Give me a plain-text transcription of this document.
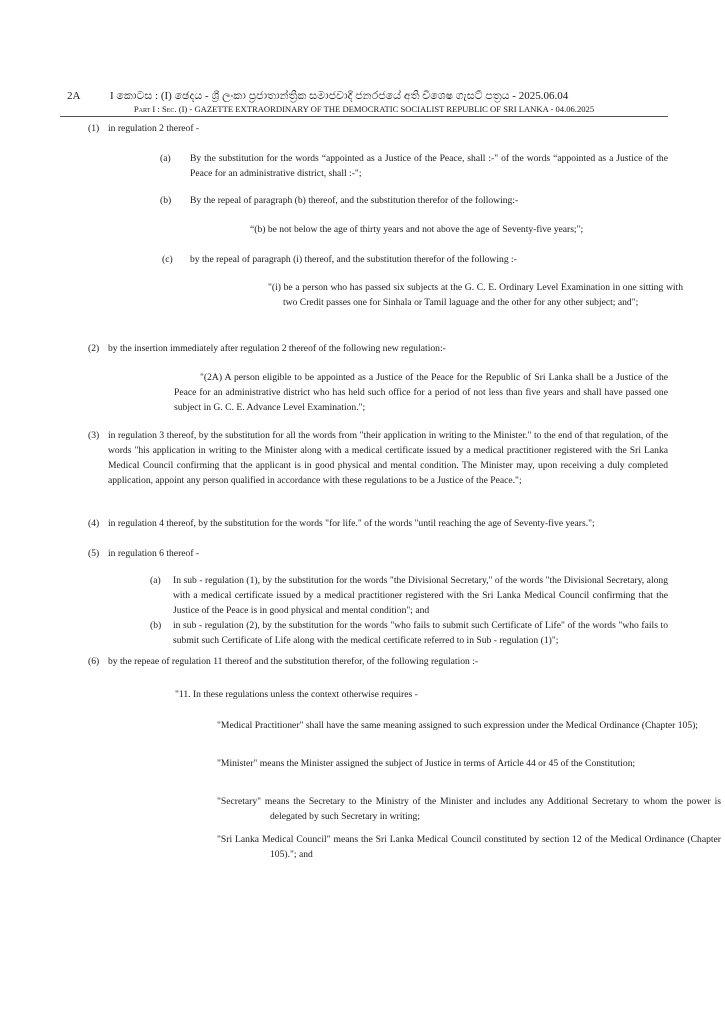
2A	I කොටස : (I) ඡෙදය - ශ්‍රී ලංකා ප්‍රජාතාන්ත්‍රික සමාජවාදී ජනරජයේ අති විශෙෂ ගැසට් පත්‍රය - 2025.06.04
Part I : Sec. (I) - GAZETTE EXTRAORDINARY OF THE DEMOCRATIC SOCIALIST REPUBLIC OF SRI LANKA - 04.06.2025
(1) in regulation 2 thereof -
(a) By the substitution for the words “appointed as a Justice of the Peace, shall :-" of the words “appointed as a Justice of the Peace for an administrative district, shall :-";
(b) By the repeal of paragraph (b) thereof, and the substitution therefor of the following:-
“(b) be not below the age of thirty years and not above the age of Seventy-five years;";
(c) by the repeal of paragraph (i) thereof, and the substitution therefor of the following :-
"(i) be a person who has passed six subjects at the G. C. E. Ordinary Level Examination in one sitting with two Credit passes one for Sinhala or Tamil laguage and the other for any other subject; and";
(2) by the insertion immediately after regulation 2 thereof of the following new regulation:-
"(2A) A person eligible to be appointed as a Justice of the Peace for the Republic of Sri Lanka shall be a Justice of the Peace for an administrative district who has held such office for a period of not less than five years and shall have passed one subject in G. C. E. Advance Level Examination.";
(3) in regulation 3 thereof, by the substitution for all the words from "their application in writing to the Minister." to the end of that regulation, of the words "his application in writing to the Minister along with a medical certificate issued by a medical practitioner registered with the Sri Lanka Medical Council confirming that the applicant is in good physical and mental condition. The Minister may, upon receiving a duly completed application, appoint any person qualified in accordance with these regulations to be a Justice of the Peace.";
(4) in regulation 4 thereof, by the substitution for the words "for life." of the words "until reaching the age of Seventy-five years.";
(5) in regulation 6 thereof -
(a) In sub - regulation (1), by the substitution for the words "the Divisional Secretary," of the words "the Divisional Secretary, along with a medical certificate issued by a medical practitioner registered with the Sri Lanka Medical Council confirming that the Justice of the Peace is in good physical and mental condition"; and
(b) in sub - regulation (2), by the substitution for the words "who fails to submit such Certificate of Life" of the words "who fails to submit such Certificate of Life along with the medical certificate referred to in Sub - regulation (1)";
(6) by the repeae of regulation 11 thereof and the substitution therefor, of the following regulation :-
"11. In these regulations unless the context otherwise requires -
"Medical Practitioner" shall have the same meaning assigned to such expression under the Medical Ordinance (Chapter 105);
"Minister" means the Minister assigned the subject of Justice in terms of Article 44 or 45 of the Constitution;
"Secretary" means the Secretary to the Ministry of the Minister and includes any Additional Secretary to whom the power is delegated by such Secretary in writing;
"Sri Lanka Medical Council" means the Sri Lanka Medical Council constituted by section 12 of the Medical Ordinance (Chapter 105)."; and
